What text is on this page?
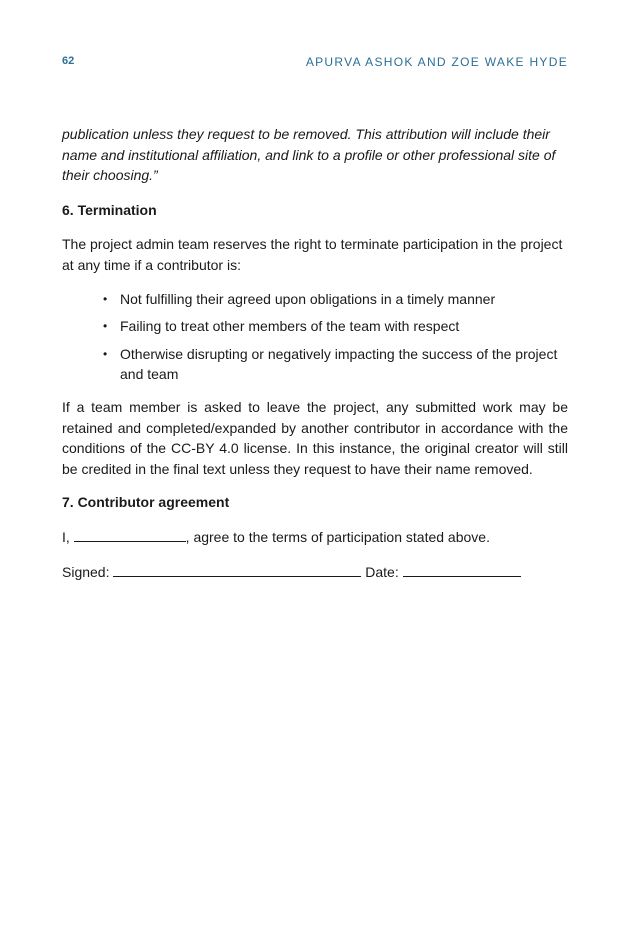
62	APURVA ASHOK AND ZOE WAKE HYDE

publication unless they request to be removed. This attribution will include their name and institutional affiliation, and link to a profile or other professional site of their choosing.”

6. Termination

The project admin team reserves the right to terminate participation in the project at any time if a contributor is:

• Not fulfilling their agreed upon obligations in a timely manner
• Failing to treat other members of the team with respect
• Otherwise disrupting or negatively impacting the success of the project and team

If a team member is asked to leave the project, any submitted work may be retained and completed/expanded by another contributor in accordance with the conditions of the CC-BY 4.0 license. In this instance, the original creator will still be credited in the final text unless they request to have their name removed.

7. Contributor agreement

I,	, agree to the terms of participation stated above.

Signed:	Date:
